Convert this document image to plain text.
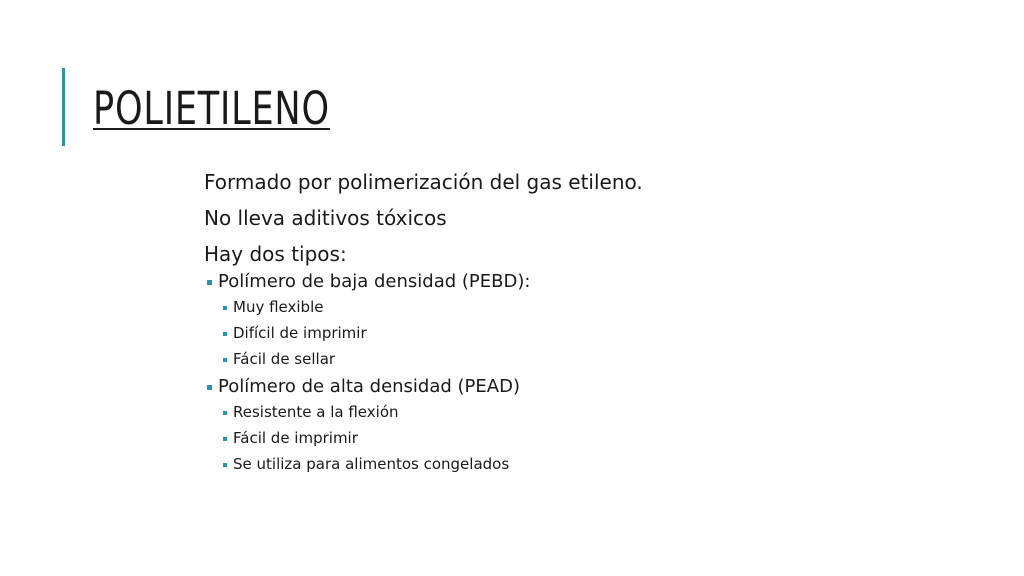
POLIETILENO
Formado por polimerización del gas etileno.
No lleva aditivos tóxicos
Hay dos tipos:
Polímero de baja densidad (PEBD):
Muy flexible
Difícil de imprimir
Fácil de sellar
Polímero de alta densidad (PEAD)
Resistente a la flexión
Fácil de imprimir
Se utiliza para alimentos congelados
